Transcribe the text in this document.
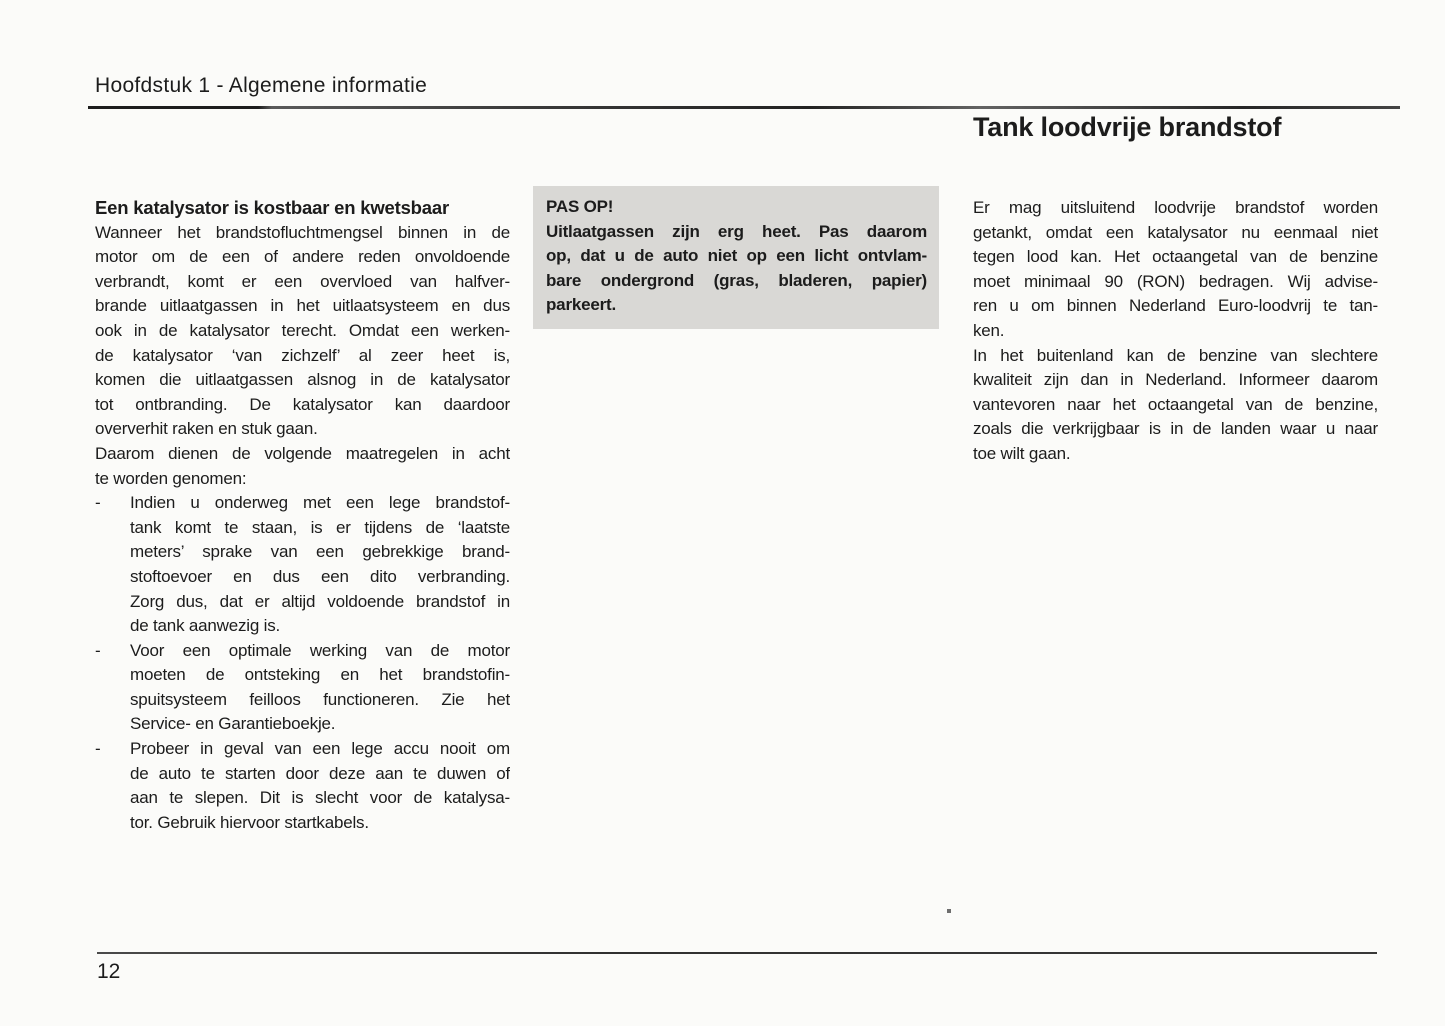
Hoofdstuk 1 - Algemene informatie
Tank loodvrije brandstof
Een katalysator is kostbaar en kwetsbaar
Wanneer het brandstofluchtmengsel binnen in de
motor om de een of andere reden onvoldoende
verbrandt, komt er een overvloed van halfver-
brande uitlaatgassen in het uitlaatsysteem en dus
ook in de katalysator terecht. Omdat een werken-
de katalysator ‘van zichzelf’ al zeer heet is,
komen die uitlaatgassen alsnog in de katalysator
tot ontbranding. De katalysator kan daardoor
oververhit raken en stuk gaan.
Daarom dienen de volgende maatregelen in acht
te worden genomen:
-	Indien u onderweg met een lege brandstof-
tank komt te staan, is er tijdens de ‘laatste
meters’ sprake van een gebrekkige brand-
stoftoevoer en dus een dito verbranding.
Zorg dus, dat er altijd voldoende brandstof in
de tank aanwezig is.
-	Voor een optimale werking van de motor
moeten de ontsteking en het brandstofin-
spuitsysteem feilloos functioneren. Zie het
Service- en Garantieboekje.
-	Probeer in geval van een lege accu nooit om
de auto te starten door deze aan te duwen of
aan te slepen. Dit is slecht voor de katalysa-
tor. Gebruik hiervoor startkabels.
PAS OP!
Uitlaatgassen zijn erg heet. Pas daarom
op, dat u de auto niet op een licht ontvlam-
bare ondergrond (gras, bladeren, papier)
parkeert.
Er mag uitsluitend loodvrije brandstof worden
getankt, omdat een katalysator nu eenmaal niet
tegen lood kan. Het octaangetal van de benzine
moet minimaal 90 (RON) bedragen. Wij advise-
ren u om binnen Nederland Euro-loodvrij te tan-
ken.
In het buitenland kan de benzine van slechtere
kwaliteit zijn dan in Nederland. Informeer daarom
vantevoren naar het octaangetal van de benzine,
zoals die verkrijgbaar is in de landen waar u naar
toe wilt gaan.
12
